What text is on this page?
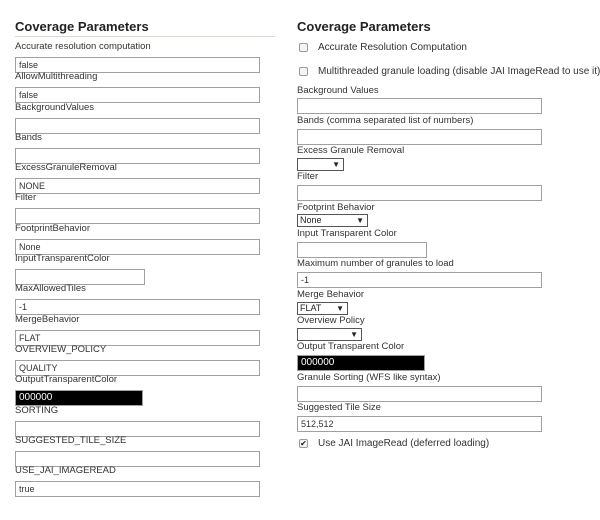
Coverage Parameters
Accurate resolution computation
false
AllowMultithreading
false
BackgroundValues
Bands
ExcessGranuleRemoval
NONE
Filter
FootprintBehavior
None
InputTransparentColor
MaxAllowedTiles
-1
MergeBehavior
FLAT
OVERVIEW_POLICY
QUALITY
OutputTransparentColor
000000
SORTING
SUGGESTED_TILE_SIZE
USE_JAI_IMAGEREAD
true
Coverage Parameters
Accurate Resolution Computation
Multithreaded granule loading (disable JAI ImageRead to use it)
Background Values
Bands (comma separated list of numbers)
Excess Granule Removal
▼
Filter
Footprint Behavior
None	▼
Input Transparent Color
Maximum number of granules to load
-1
Merge Behavior
FLAT ▼
Overview Policy
▼
Output Transparent Color
000000
Granule Sorting (WFS like syntax)
Suggested Tile Size
512,512
✔ Use JAI ImageRead (deferred loading)
